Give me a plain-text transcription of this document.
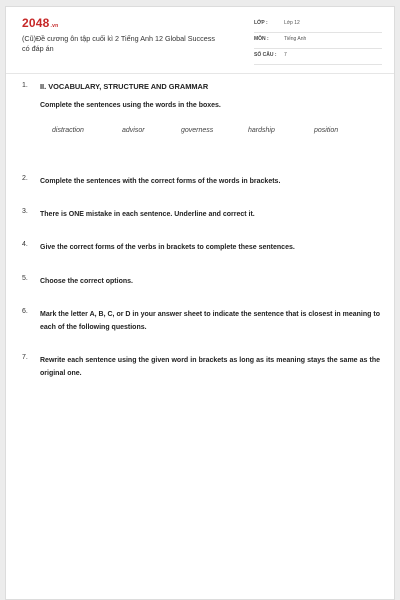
2048.vn
(Cũ)Đề cương ôn tập cuối kì 2 Tiếng Anh 12 Global Success có đáp án
LỚP :	Lớp 12
MÔN :	Tiếng Anh
SỐ CÂU : 7
1. II. VOCABULARY, STRUCTURE AND GRAMMAR
Complete the sentences using the words in the boxes.
distraction	advisor	governess	hardship	position
2. Complete the sentences with the correct forms of the words in brackets.
3. There is ONE mistake in each sentence. Underline and correct it.
4. Give the correct forms of the verbs in brackets to complete these sentences.
5. Choose the correct options.
6. Mark the letter A, B, C, or D in your answer sheet to indicate the sentence that is closest in meaning to each of the following questions.
7. Rewrite each sentence using the given word in brackets as long as its meaning stays the same as the original one.
